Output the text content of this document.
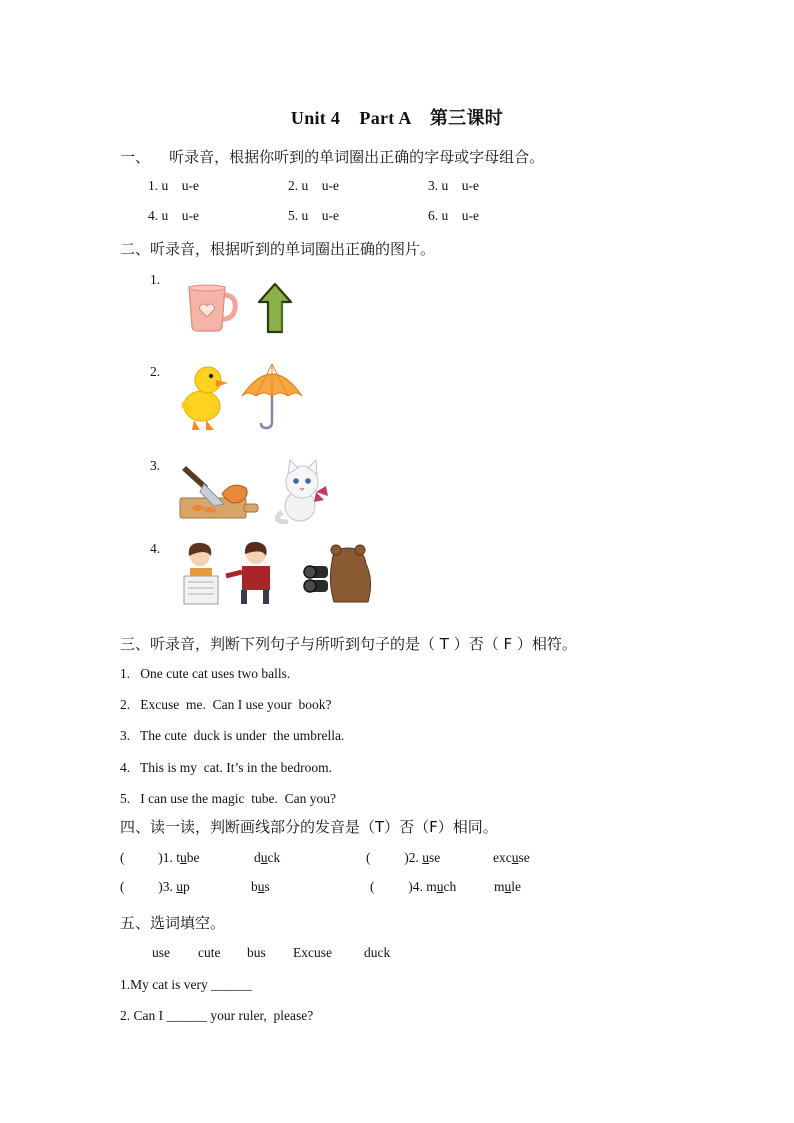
Unit 4    Part A    第三课时
一、    听录音，根据你听到的单词圈出正确的字母或字母组合。
1. u    u-e	2. u    u-e	3. u    u-e
4. u    u-e	5. u    u-e	6. u    u-e
二、听录音，根据听到的单词圈出正确的图片。
1.
2.
3.
4.
三、听录音，判断下列句子与所听到句子的是（ T ）否（ F ）相符。
1.   One cute cat uses two balls.
2.   Excuse  me.  Can I use your  book?
3.   The cute  duck is under  the umbrella.
4.   This is my  cat. It’s in the bedroom.
5.   I can use the magic  tube.  Can you?
四、读一读，判断画线部分的发音是（T）否（F）相同。
(          )1. tube	duck	(          )2. use	excuse
(          )3. up	bus	(          )4. much	mule
五、选词填空。
use cute bus Excuse duck
1.My cat is very ______
2. Can I ______ your ruler,  please?
